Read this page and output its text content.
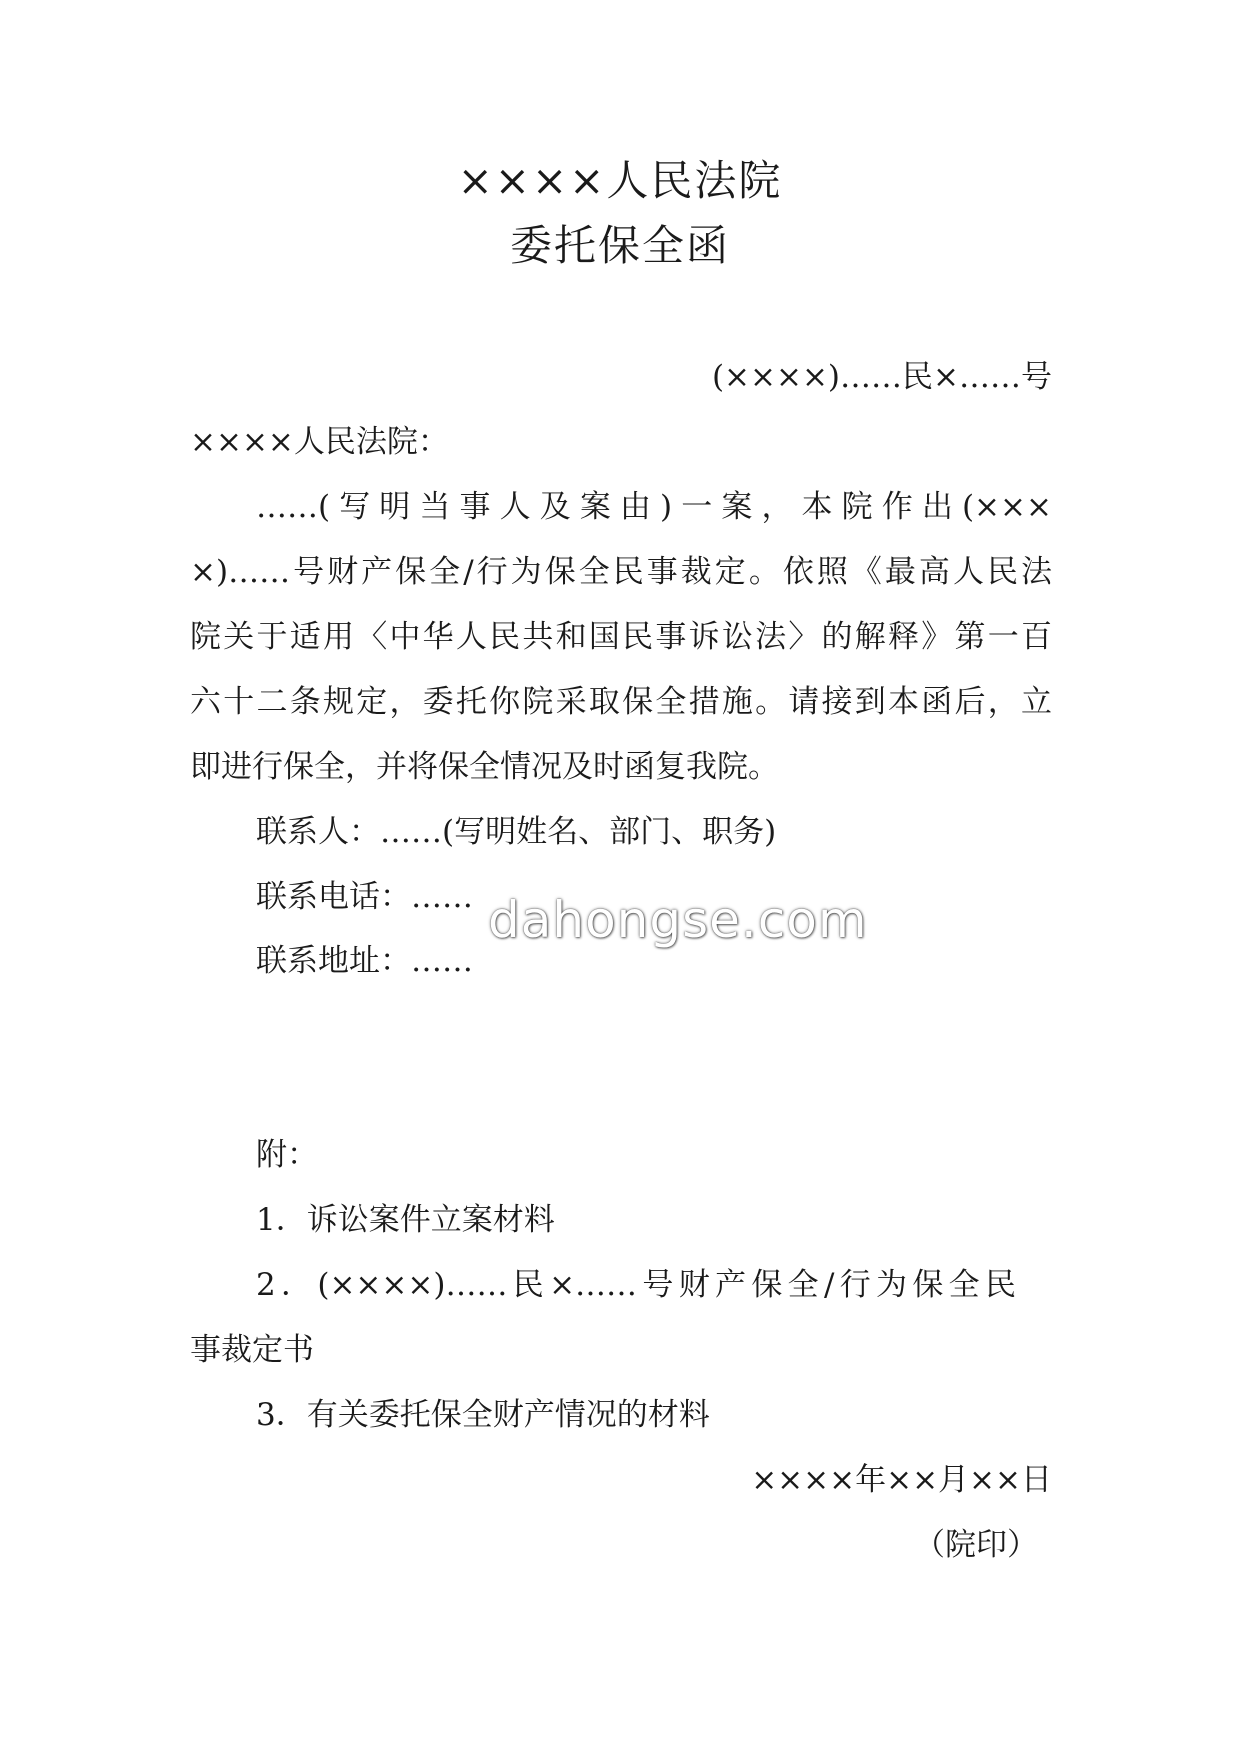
××××人民法院
委托保全函
(××××)……民×……号
××××人民法院：
……(写明当事人及案由)一案，本院作出(×××
×)……号财产保全/行为保全民事裁定。依照《最高人民法
院关于适用〈中华人民共和国民事诉讼法〉的解释》第一百
六十二条规定，委托你院采取保全措施。请接到本函后，立
即进行保全，并将保全情况及时函复我院。
联系人：……(写明姓名、部门、职务)
联系电话：……
联系地址：……
附：
1．诉讼案件立案材料
2．(××××)……民×……号财产保全/行为保全民
事裁定书
3．有关委托保全财产情况的材料
××××年××月××日
（院印）
dahongse.com
